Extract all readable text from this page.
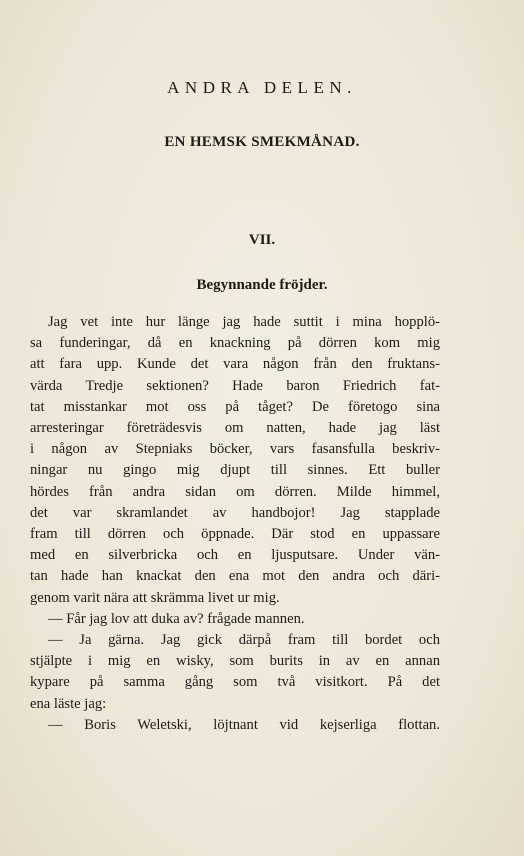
ANDRA DELEN.
EN HEMSK SMEKMÅNAD.
VII.
Begynnande fröjder.
Jag vet inte hur länge jag hade suttit i mina hopplö-
sa funderingar, då en knackning på dörren kom mig
att fara upp. Kunde det vara någon från den fruktans-
värda Tredje sektionen? Hade baron Friedrich fat-
tat misstankar mot oss på tåget? De företogo sina
arresteringar företrädesvis om natten, hade jag läst
i någon av Stepniaks böcker, vars fasansfulla beskriv-
ningar nu gingo mig djupt till sinnes. Ett buller
hördes från andra sidan om dörren. Milde himmel,
det var skramlandet av handbojor! Jag stapplade
fram till dörren och öppnade. Där stod en uppassare
med en silverbricka och en ljusputsare. Under vän-
tan hade han knackat den ena mot den andra och däri-
genom varit nära att skrämma livet ur mig.
— Får jag lov att duka av? frågade mannen.
— Ja gärna. Jag gick därpå fram till bordet och
stjälpte i mig en wisky, som burits in av en annan
kypare på samma gång som två visitkort. På det
ena läste jag:
— Boris Weletski, löjtnant vid kejserliga flottan.
